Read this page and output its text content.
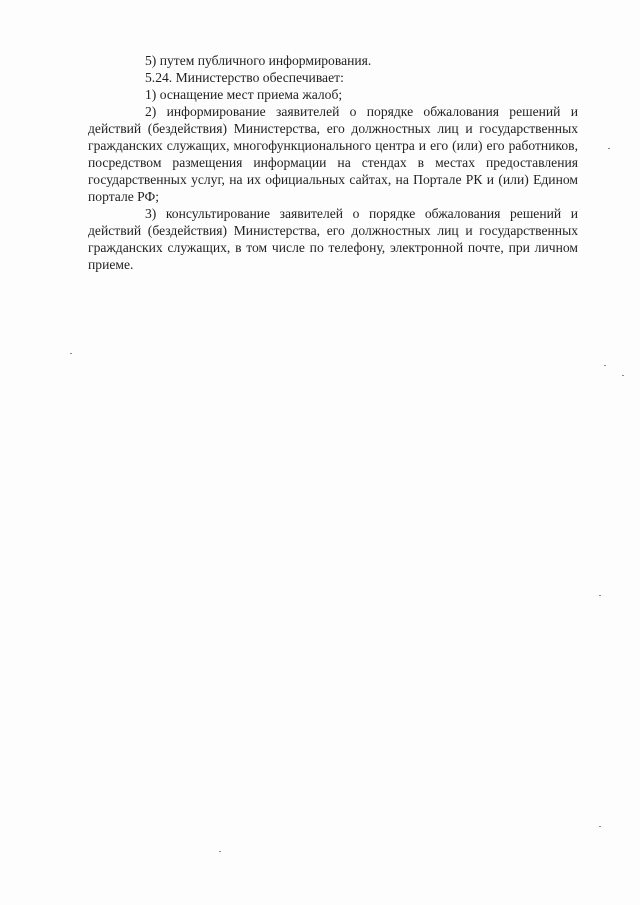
5) путем публичного информирования.

5.24. Министерство обеспечивает:

1) оснащение мест приема жалоб;

2) информирование заявителей о порядке обжалования решений и действий (бездействия) Министерства, его должностных лиц и государственных гражданских служащих, многофункционального центра и его (или) его работников, посредством размещения информации на стендах в местах предоставления государственных услуг, на их официальных сайтах, на Портале РК и (или) Едином портале РФ;

3) консультирование заявителей о порядке обжалования решений и действий (бездействия) Министерства, его должностных лиц и государственных гражданских служащих, в том числе по телефону, электронной почте, при личном приеме.
